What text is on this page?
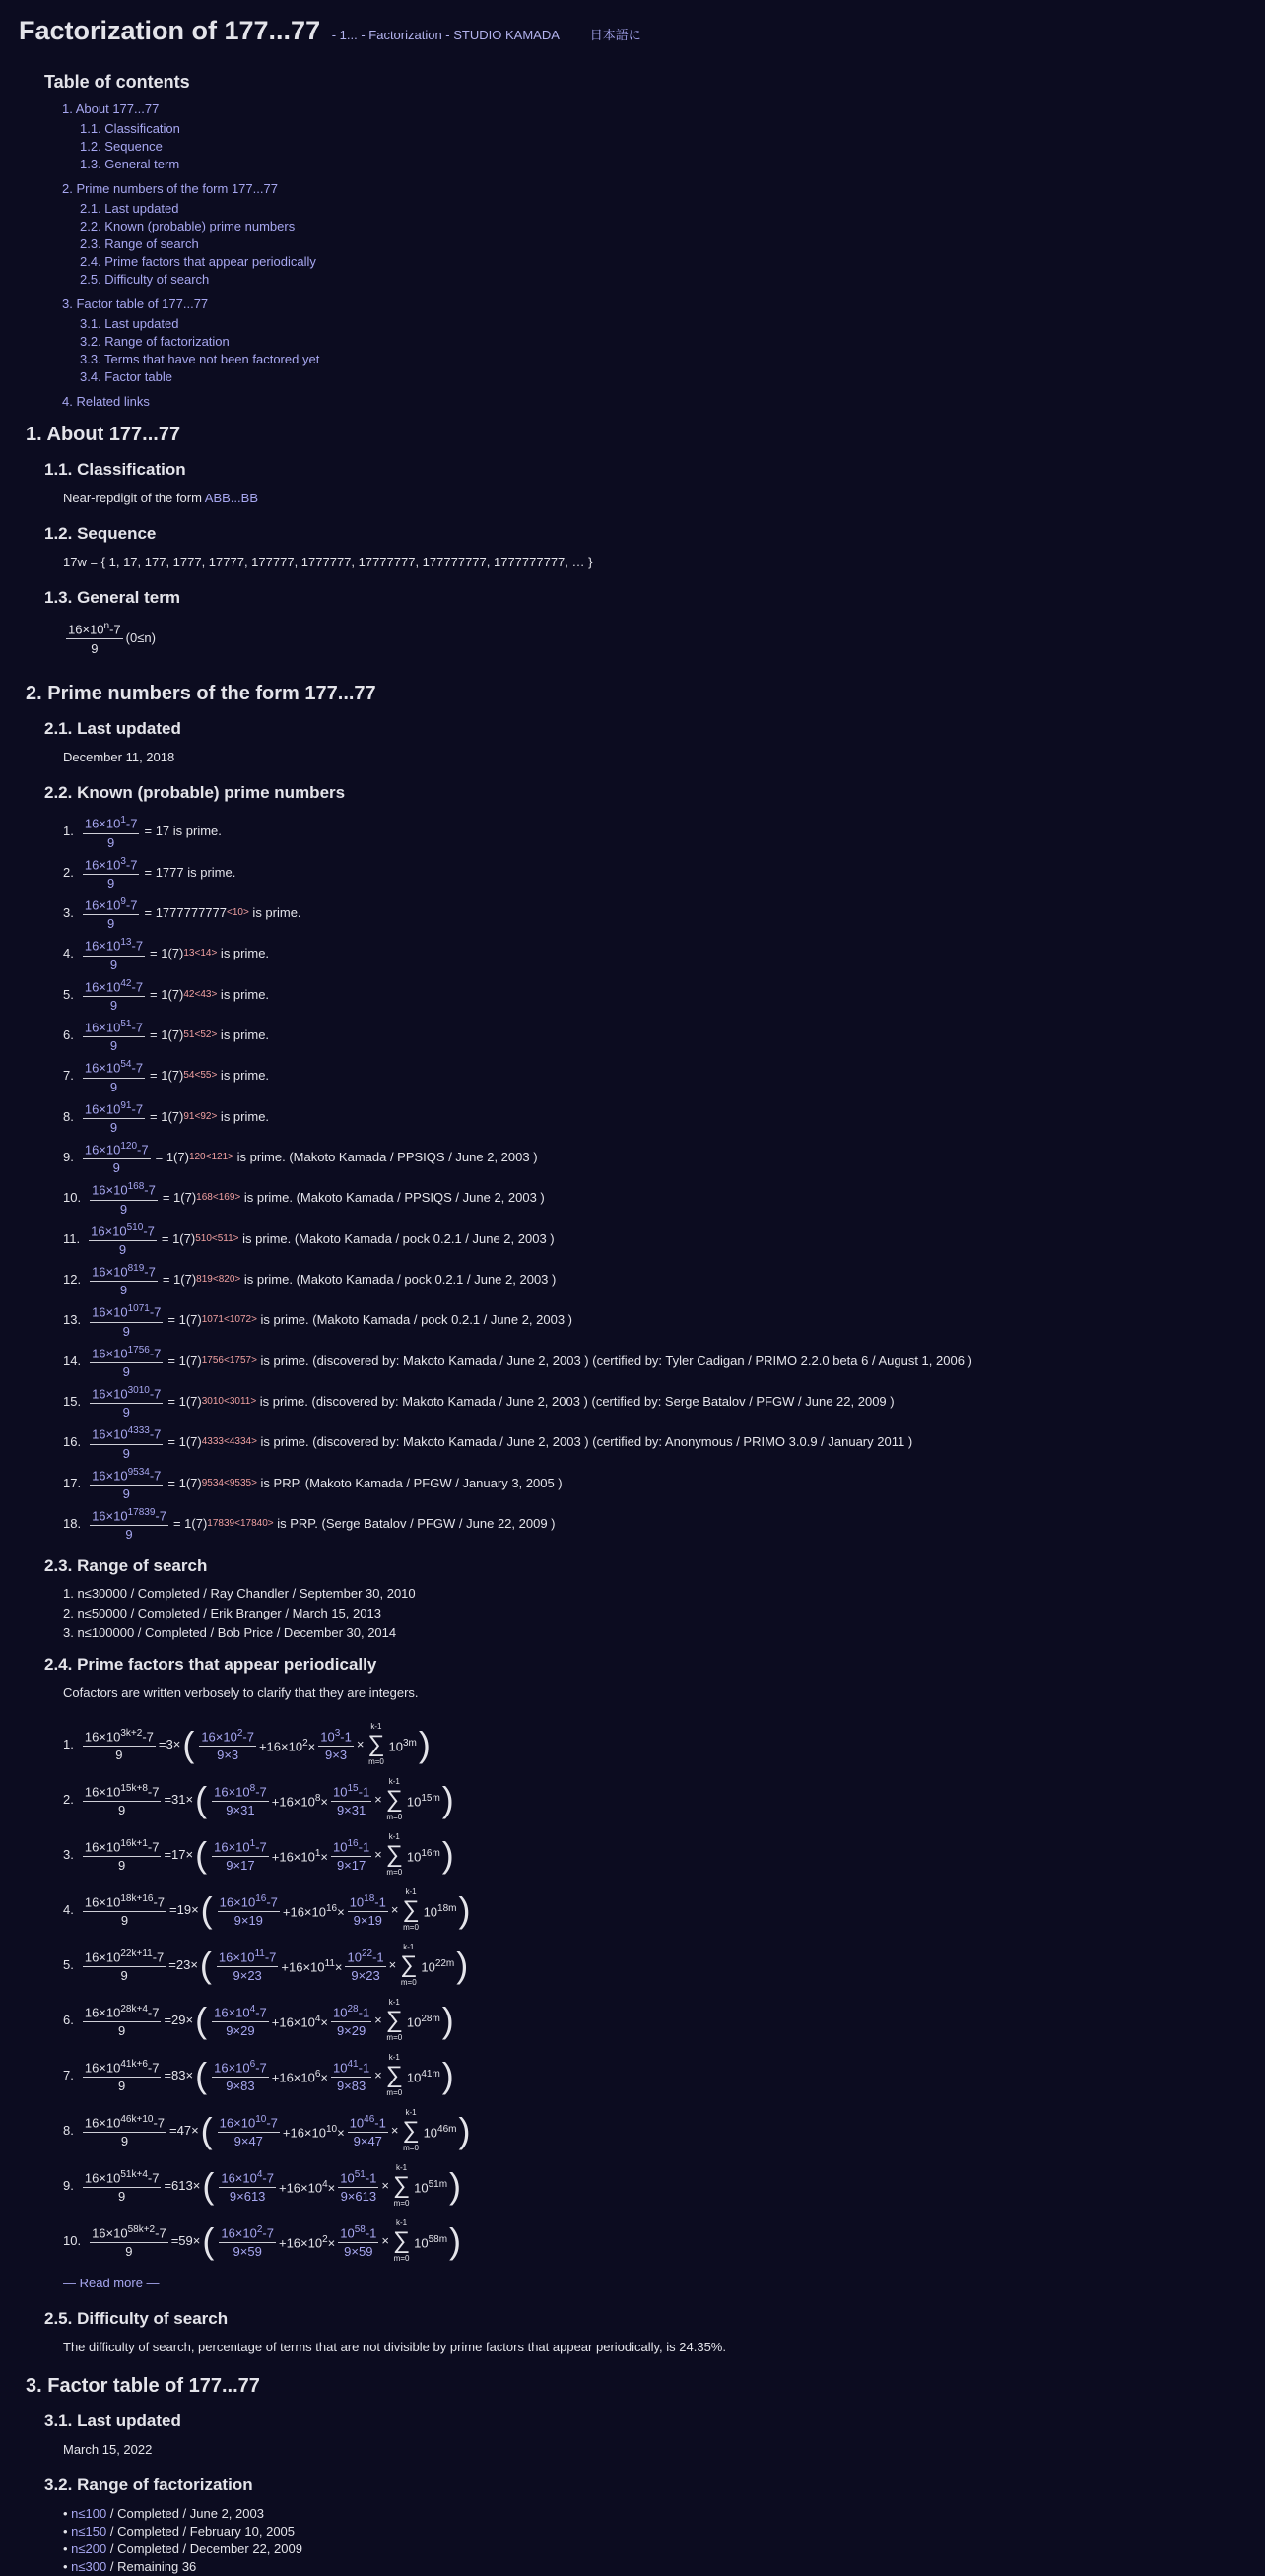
Factorization of 177...77 - 1... - Factorization - STUDIO KAMADA 日本語に
Table of contents
1. About 177...77
1.1. Classification
1.2. Sequence
1.3. General term
2. Prime numbers of the form 177...77
2.1. Last updated
2.2. Known (probable) prime numbers
2.3. Range of search
2.4. Prime factors that appear periodically
2.5. Difficulty of search
3. Factor table of 177...77
3.1. Last updated
3.2. Range of factorization
3.3. Terms that have not been factored yet
3.4. Factor table
4. Related links
1. About 177...77
1.1. Classification
Near-repdigit of the form ABB...BB
1.2. Sequence
17w = { 1, 17, 177, 1777, 17777, 177777, 1777777, 17777777, 177777777, 1777777777, … }
1.3. General term
$\frac{16\times 10^n-7}{9} (0\le n)$
2. Prime numbers of the form 177...77
2.1. Last updated
December 11, 2018
2.2. Known (probable) prime numbers
1. $\frac{16\times 10^1-7}{9} = 17$ is prime.
2. $\frac{16\times 10^3-7}{9} = 1777$ is prime.
3. $\frac{16\times 10^9-7}{9} = 1777777777 <10>$ is prime.
4. $\frac{16\times 10^{13}-7}{9} = 1(7)$ 13<14> is prime.
5. $\frac{16\times 10^{42}-7}{9} = 1(7)$ 42<43> is prime.
6. $\frac{16\times 10^{51}-7}{9} = 1(7)$ 51<52> is prime.
7. $\frac{16\times 10^{54}-7}{9} = 1(7)$ 54<55> is prime.
8. $\frac{16\times 10^{91}-7}{9} = 1(7)$ 91<92> is prime.
9. $\frac{16\times 10^{120}-7}{9} = 1(7)$ 120<121> is prime. (Makoto Kamada / PPSIQS / June 2, 2003 )
10. $\frac{16\times 10^{168}-7}{9} = 1(7)$ 168<169> is prime. (Makoto Kamada / PPSIQS / June 2, 2003 )
11. $\frac{16\times 10^{510}-7}{9} = 1(7)$ 510<511> is prime. (Makoto Kamada / pock 0.2.1 / June 2, 2003 )
12. $\frac{16\times 10^{819}-7}{9} = 1(7)$ 819<820> is prime. (Makoto Kamada / pock 0.2.1 / June 2, 2003 )
13. $\frac{16\times 10^{1071}-7}{9} = 1(7)$ 1071<1072> is prime. (Makoto Kamada / pock 0.2.1 / June 2, 2003 )
14. $\frac{16\times 10^{1756}-7}{9} = 1(7)$ 1756<1757> is prime. (discovered by: Makoto Kamada / June 2, 2003 ) (certified by: Tyler Cadigan / PRIMO 2.2.0 beta 6 / August 1, 2006 )
15. $\frac{16\times 10^{3010}-7}{9} = 1(7)$ 3010<3011> is prime. (discovered by: Makoto Kamada / June 2, 2003 ) (certified by: Serge Batalov / PFGW / June 22, 2009 )
16. $\frac{16\times 10^{4333}-7}{9} = 1(7)$ 4333<4334> is prime. (discovered by: Makoto Kamada / June 2, 2003 ) (certified by: Anonymous / PRIMO 3.0.9 / January 2011 )
17. $\frac{16\times 10^{9534}-7}{9} = 1(7)$ 9534<9535> is PRP. (Makoto Kamada / PFGW / January 3, 2005 )
18. $\frac{16\times 10^{17839}-7}{9} = 1(7)$ 17839<17840> is PRP. (Serge Batalov / PFGW / June 22, 2009 )
2.3. Range of search
1. n≤30000 / Completed / Ray Chandler / September 30, 2010
2. n≤50000 / Completed / Erik Branger / March 15, 2013
3. n≤100000 / Completed / Bob Price / December 30, 2014
2.4. Prime factors that appear periodically
Cofactors are written verbosely to clarify that they are integers.
1. $\frac{16\times 10^{3k+2}-7}{9} = 3$ × ( $\frac{16\times 10^2-7}{9\times 3} +16\times 10^2\times \frac{10^3-1}{9\times 3}$ ×
k-1
∑
m=0
$10^{3m}$ )
2. $\frac{16\times 10^{15k+8}-7}{9} = 31$ × ( $\frac{16\times 10^8-7}{9\times 31} +16\times 10^8\times \frac{10^{15}-1}{9\times 31}$ ×
k-1
∑
m=0
$10^{15m}$ )
3. $\frac{16\times 10^{16k+1}-7}{9} = 17$ × ( $\frac{16\times 10^1-7}{9\times 17} +16\times 10^1\times \frac{10^{16}-1}{9\times 17}$ ×
k-1
∑
m=0
$10^{16m}$ )
4. $\frac{16\times 10^{18k+16}-7}{9} = 19$ × ( $\frac{16\times 10^{16}-7}{9\times 19} +16\times 10^{16}\times \frac{10^{18}-1}{9\times 19}$ ×
k-1
∑
m=0
$10^{18m}$ )
5. $\frac{16\times 10^{22k+11}-7}{9} = 23$ × ( $\frac{16\times 10^{11}-7}{9\times 23} +16\times 10^{11}\times \frac{10^{22}-1}{9\times 23}$ ×
k-1
∑
m=0
$10^{22m}$ )
6. $\frac{16\times 10^{28k+4}-7}{9} = 29$ × ( $\frac{16\times 10^4-7}{9\times 29} +16\times 10^4\times \frac{10^{28}-1}{9\times 29}$ ×
k-1
∑
m=0
$10^{28m}$ )
7. $\frac{16\times 10^{41k+6}-7}{9} = 83$ × ( $\frac{16\times 10^6-7}{9\times 83} +16\times 10^6\times \frac{10^{41}-1}{9\times 83}$ ×
k-1
∑
m=0
$10^{41m}$ )
8. $\frac{16\times 10^{46k+10}-7}{9} = 47$ × ( $\frac{16\times 10^{10}-7}{9\times 47} +16\times 10^{10}\times \frac{10^{46}-1}{9\times 47}$ ×
k-1
∑
m=0
$10^{46m}$ )
9. $\frac{16\times 10^{51k+4}-7}{9} = 613$ × ( $\frac{16\times 10^4-7}{9\times 613} +16\times 10^4\times \frac{10^{51}-1}{9\times 613}$ ×
k-1
∑
m=0
$10^{51m}$ )
10. $\frac{16\times 10^{58k+2}-7}{9} = 59$ × ( $\frac{16\times 10^2-7}{9\times 59} +16\times 10^2\times \frac{10^{58}-1}{9\times 59}$ ×
k-1
∑
m=0
$10^{58m}$ )
— Read more —
2.5. Difficulty of search
The difficulty of search, percentage of terms that are not divisible by prime factors that appear periodically, is 24.35%.
3. Factor table of 177...77
3.1. Last updated
March 15, 2022
3.2. Range of factorization
• n≤100 / Completed / June 2, 2003
• n≤150 / Completed / February 10, 2005
• n≤200 / Completed / December 22, 2009
• n≤300 / Remaining 36
